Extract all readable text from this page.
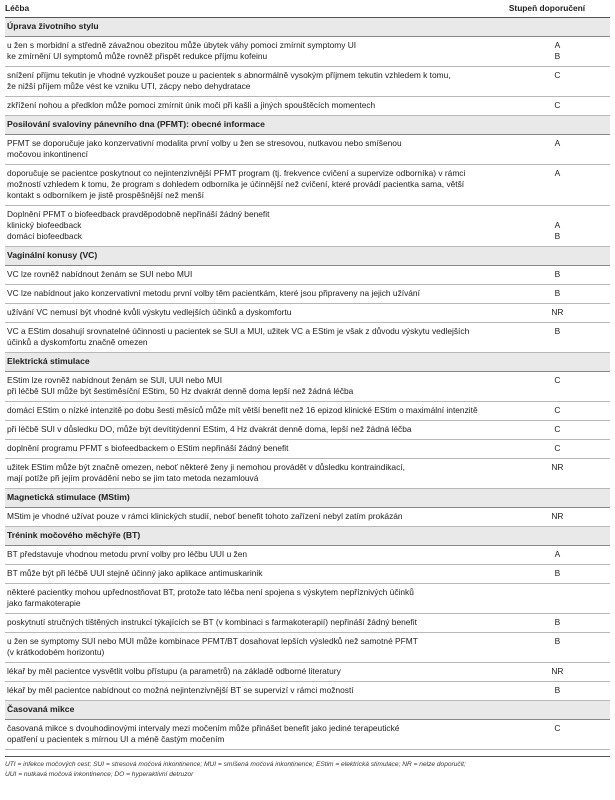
Léčba	Stupeň doporučení
Úprava životního stylu	

u žen s morbidní a středně závažnou obezitou může úbytek váhy pomoci zmírnit symptomy UI
ke zmírnění UI symptomů může rovněž přispět redukce příjmu kofeinu	A
B

snížení příjmu tekutin je vhodné vyzkoušet pouze u pacientek s abnormálně vysokým příjmem tekutin vzhledem k tomu,
že nižší příjem může vést ke vzniku UTI, zácpy nebo dehydratace	C

zkřížení nohou a předklon může pomoci zmírnit únik moči při kašli a jiných spouštěcích momentech	C

Posilování svaloviny pánevního dna (PFMT): obecné informace	

PFMT se doporučuje jako konzervativní modalita první volby u žen se stresovou, nutkavou nebo smíšenou
močovou inkontinencí	A

doporučuje se pacientce poskytnout co nejintenzivnější PFMT program (tj. frekvence cvičení a supervize odborníka) v rámci
možností vzhledem k tomu, že program s dohledem odborníka je účinnější než cvičení, které provádí pacientka sama, větší
kontakt s odborníkem je jistě prospěšnější než menší	A

Doplnění PFMT o biofeedback pravděpodobně nepřináší žádný benefit
klinický biofeedback
domácí biofeedback	A
B

Vaginální konusy (VC)	

VC lze rovněž nabídnout ženám se SUI nebo MUI	B

VC lze nabídnout jako konzervativní metodu první volby těm pacientkám, které jsou připraveny na jejich užívání	B

užívání VC nemusí být vhodné kvůli výskytu vedlejších účinků a dyskomfortu	NR

VC a EStim dosahují srovnatelné účinnosti u pacientek se SUI a MUI, užitek VC a EStim je však z důvodu výskytu vedlejších
účinků a dyskomfortu značně omezen	B

Elektrická stimulace	

EStim lze rovněž nabídnout ženám se SUI, UUI nebo MUI
při léčbě SUI může být šestiměsíční EStim, 50 Hz dvakrát denně doma lepší než žádná léčba	C

domácí EStim o nízké intenzitě po dobu šesti měsíců může mít větší benefit než 16 epizod klinické EStim o maximální intenzitě	C

při léčbě SUI v důsledku DO, může být devítitýdenní EStim, 4 Hz dvakrát denně doma, lepší než žádná léčba	C

doplnění programu PFMT s biofeedbackem o EStim nepřináší žádný benefit	C

užitek EStim může být značně omezen, neboť některé ženy ji nemohou provádět v důsledku kontraindikací,
mají potíže při jejím provádění nebo se jim tato metoda nezamlouvá	NR

Magnetická stimulace (MStim)	

MStim je vhodné užívat pouze v rámci klinických studií, neboť benefit tohoto zařízení nebyl zatím prokázán	NR

Trénink močového měchýře (BT)	

BT představuje vhodnou metodu první volby pro léčbu UUI u žen	A

BT může být při léčbě UUI stejně účinný jako aplikace antimuskarinik	B

některé pacientky mohou upřednostňovat BT, protože tato léčba není spojena s výskytem nepříznivých účinků
jako farmakoterapie	

poskytnutí stručných tištěných instrukcí týkajících se BT (v kombinaci s farmakoterapií) nepřináší žádný benefit	B

u žen se symptomy SUI nebo MUI může kombinace PFMT/BT dosahovat lepších výsledků než samotné PFMT
(v krátkodobém horizontu)	B

lékař by měl pacientce vysvětlit volbu přístupu (a parametrů) na základě odborné literatury	NR

lékař by měl pacientce nabídnout co možná nejintenzivnější BT se supervizí v rámci možností	B

Časovaná mikce	

časovaná mikce s dvouhodinovými intervaly mezi močením může přinášet benefit jako jediné terapeutické
opatření u pacientek s mírnou UI a méně častým močením	C
UTI = infekce močových cest; SUI = stresová močová inkontinence; MUI = smíšená močová inkontinence; EStim = elektrická stimulace; NR = nelze doporučit;
UUI = nutkavá močová inkontinence; DO = hyperaktivní detruzor
